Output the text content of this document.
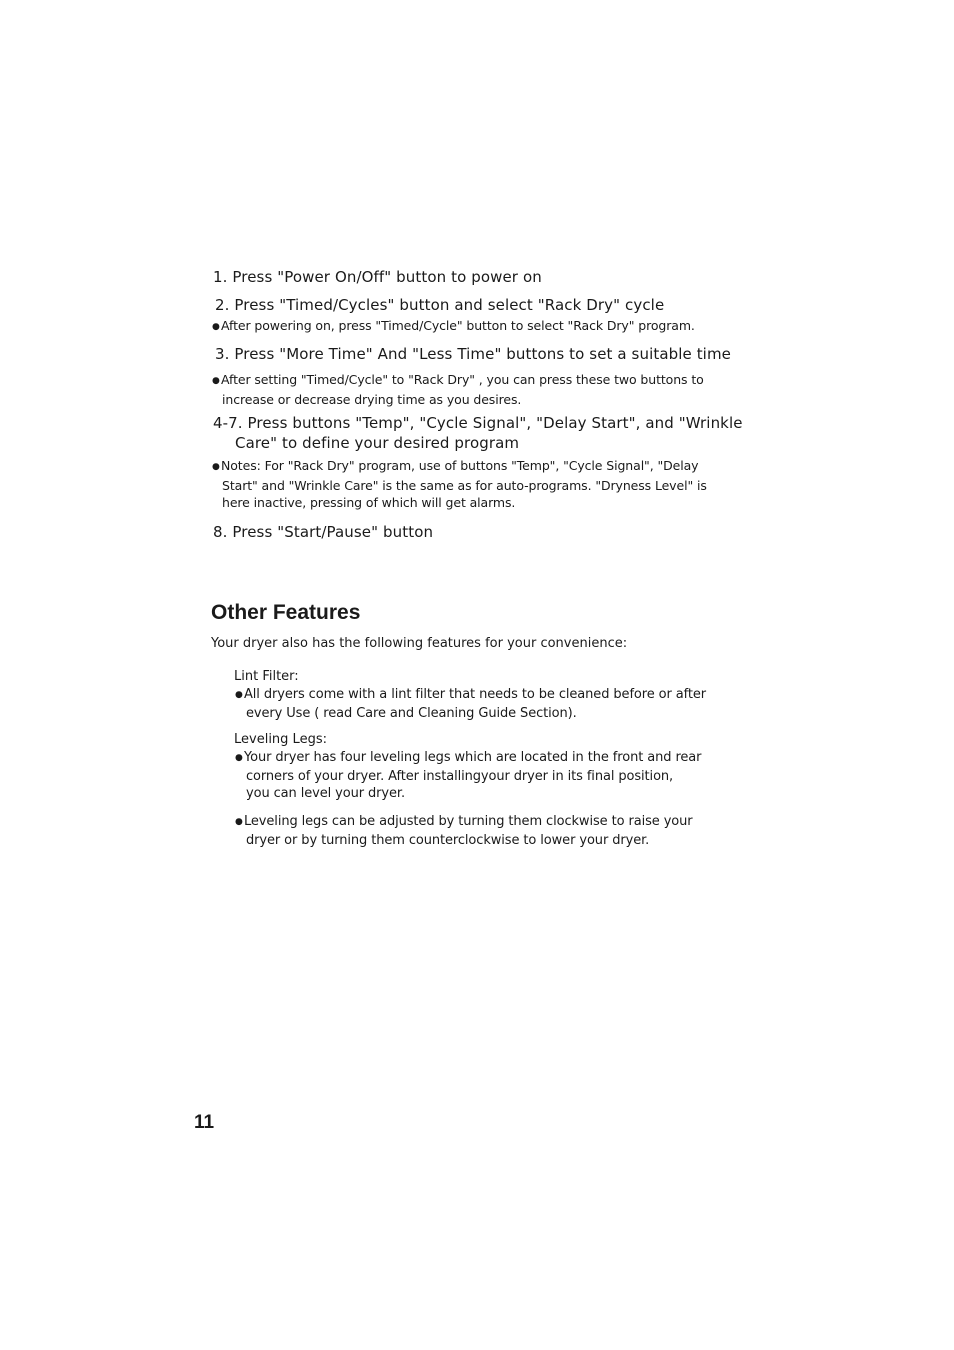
1. Press "Power On/Off" button to power on
2. Press "Timed/Cycles" button and select "Rack Dry" cycle
●After powering on, press "Timed/Cycle" button to select "Rack Dry" program.
3. Press "More Time" And "Less Time" buttons to set a suitable time
●After setting "Timed/Cycle" to "Rack Dry" , you can press these two buttons to
increase or decrease drying time as you desires.
4-7. Press buttons "Temp", "Cycle Signal", "Delay Start", and "Wrinkle
Care" to define your desired program
●Notes: For "Rack Dry" program, use of buttons "Temp", "Cycle Signal", "Delay
Start" and "Wrinkle Care" is the same as for auto-programs. "Dryness Level" is
here inactive, pressing of which will get alarms.
8. Press "Start/Pause" button
Other Features
Your dryer also has the following features for your convenience:
Lint Filter:
●All dryers come with a lint filter that needs to be cleaned before or after
every Use ( read Care and Cleaning Guide Section).
Leveling Legs:
●Your dryer has four leveling legs which are located in the front and rear
corners of your dryer. After installingyour dryer in its final position,
you can level your dryer.
●Leveling legs can be adjusted by turning them clockwise to raise your
dryer or by turning them counterclockwise to lower your dryer.
11
